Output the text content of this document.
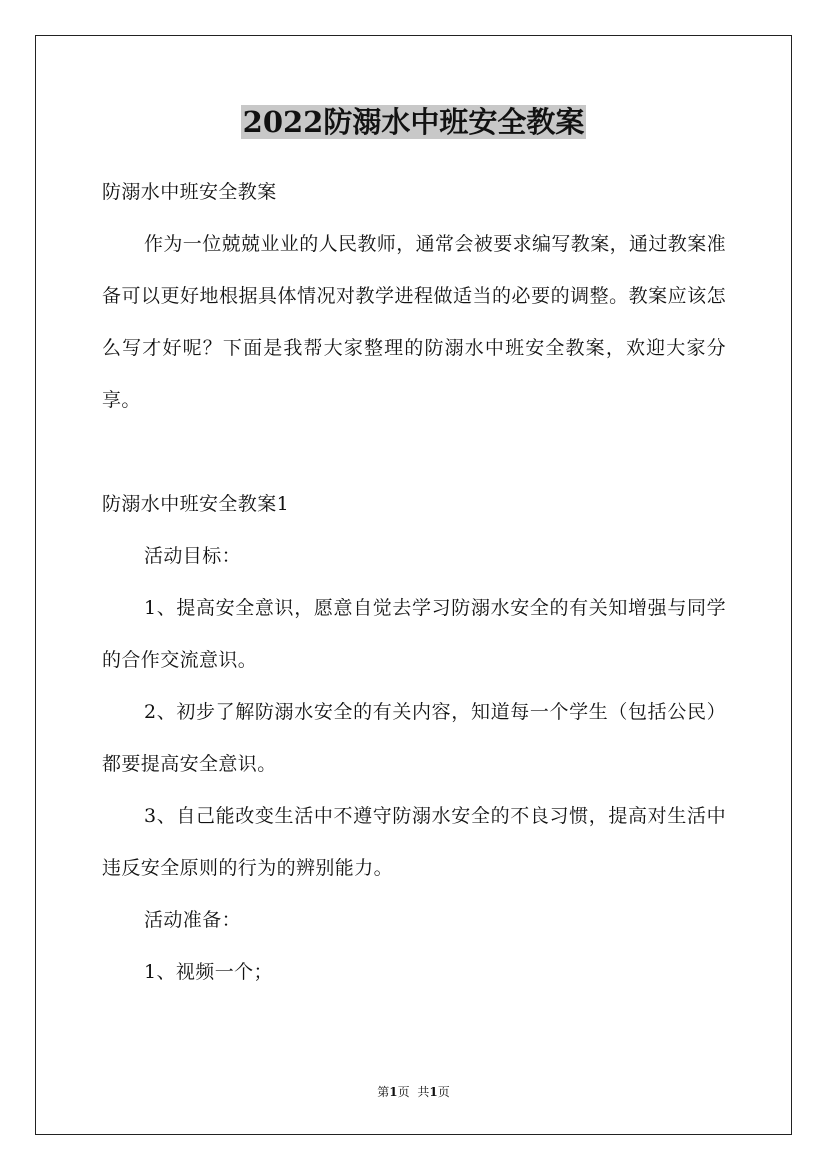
2022防溺水中班安全教案

防溺水中班安全教案

作为一位兢兢业业的人民教师，通常会被要求编写教案，通过教案准备可以更好地根据具体情况对教学进程做适当的必要的调整。教案应该怎么写才好呢？下面是我帮大家整理的防溺水中班安全教案，欢迎大家分享。

防溺水中班安全教案1

活动目标：

1、提高安全意识，愿意自觉去学习防溺水安全的有关知增强与同学的合作交流意识。

2、初步了解防溺水安全的有关内容，知道每一个学生（包括公民）都要提高安全意识。

3、自己能改变生活中不遵守防溺水安全的不良习惯，提高对生活中违反安全原则的行为的辨别能力。

活动准备：

1、视频一个；

第1页 共1页
